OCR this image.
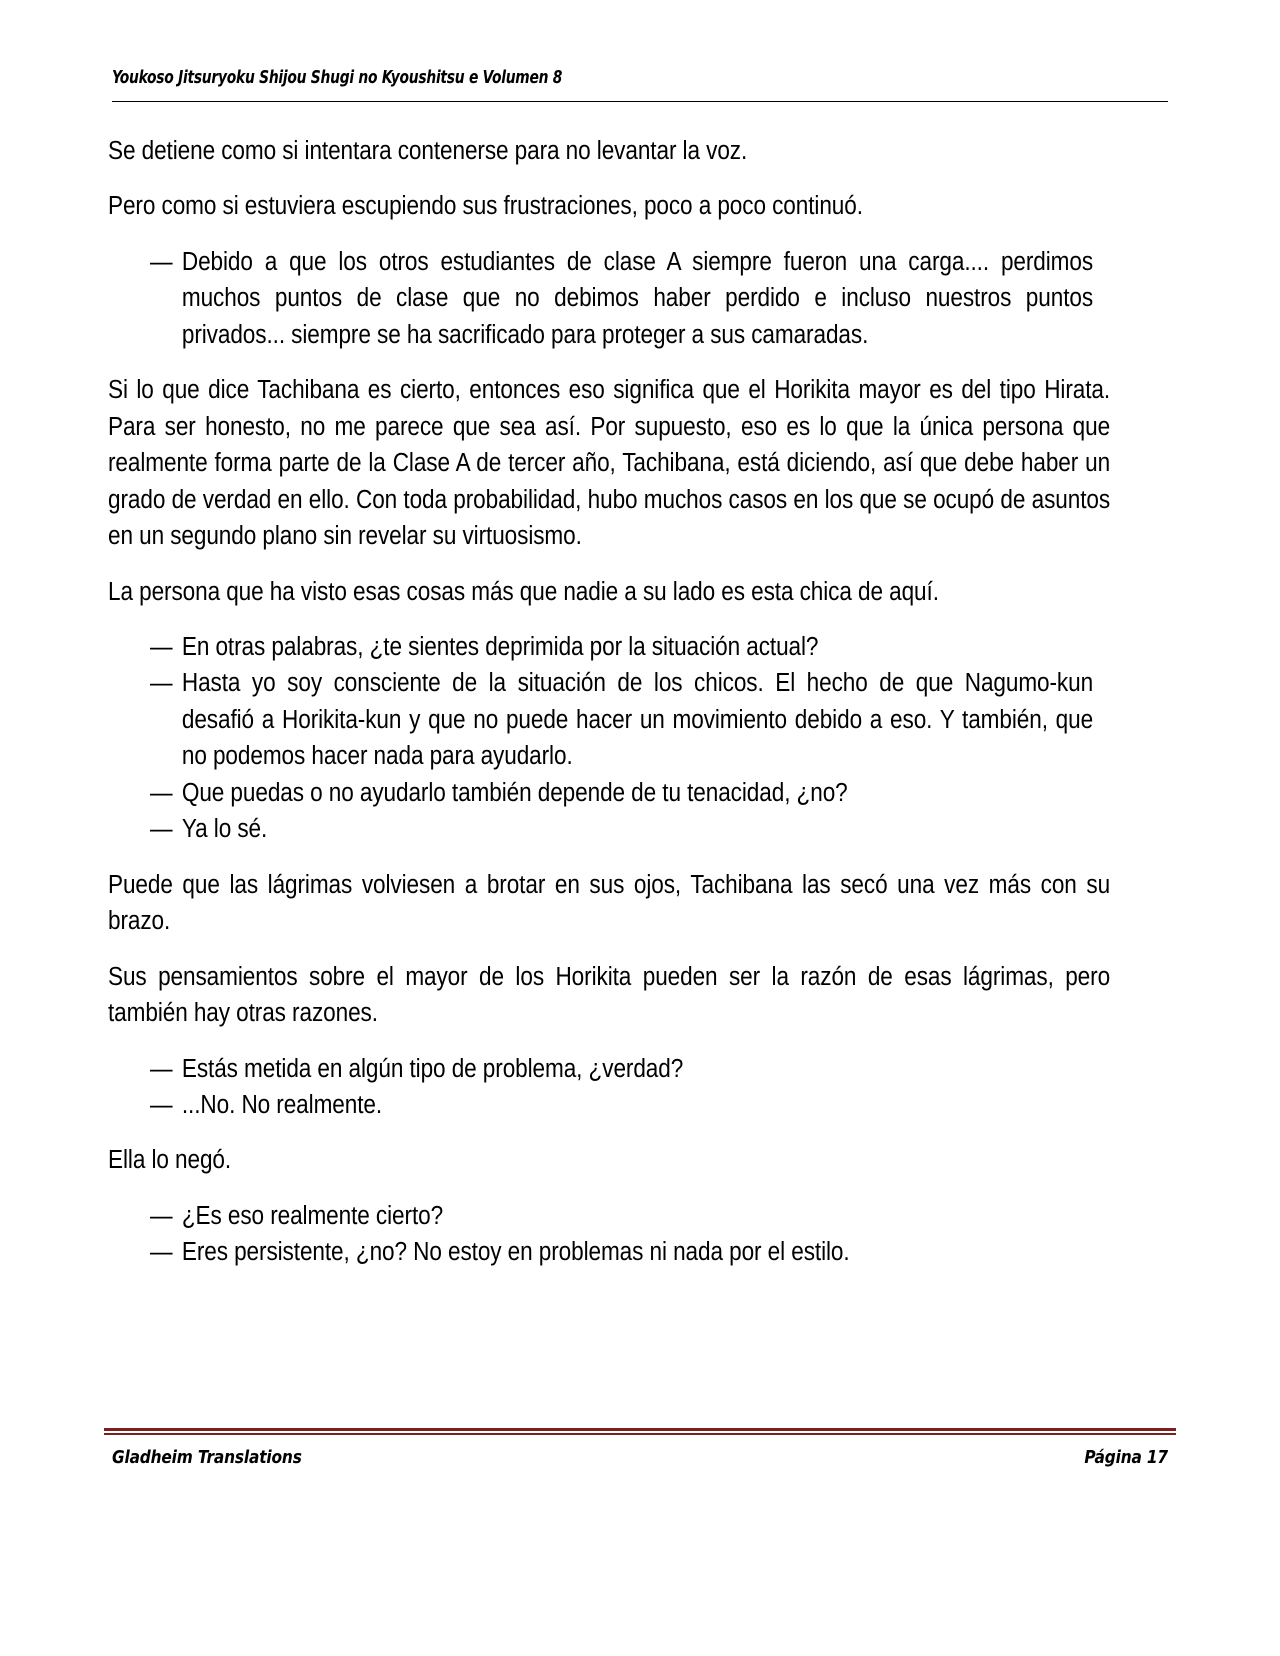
Youkoso Jitsuryoku Shijou Shugi no Kyoushitsu e Volumen 8

Se detiene como si intentara contenerse para no levantar la voz.

Pero como si estuviera escupiendo sus frustraciones, poco a poco continuó.

— Debido a que los otros estudiantes de clase A siempre fueron una carga.... perdimos muchos puntos de clase que no debimos haber perdido e incluso nuestros puntos privados... siempre se ha sacrificado para proteger a sus camaradas.

Si lo que dice Tachibana es cierto, entonces eso significa que el Horikita mayor es del tipo Hirata. Para ser honesto, no me parece que sea así. Por supuesto, eso es lo que la única persona que realmente forma parte de la Clase A de tercer año, Tachibana, está diciendo, así que debe haber un grado de verdad en ello. Con toda probabilidad, hubo muchos casos en los que se ocupó de asuntos en un segundo plano sin revelar su virtuosismo.

La persona que ha visto esas cosas más que nadie a su lado es esta chica de aquí.

— En otras palabras, ¿te sientes deprimida por la situación actual?

— Hasta yo soy consciente de la situación de los chicos. El hecho de que Nagumo-kun desafió a Horikita-kun y que no puede hacer un movimiento debido a eso. Y también, que no podemos hacer nada para ayudarlo.

— Que puedas o no ayudarlo también depende de tu tenacidad, ¿no?

— Ya lo sé.

Puede que las lágrimas volviesen a brotar en sus ojos, Tachibana las secó una vez más con su brazo.

Sus pensamientos sobre el mayor de los Horikita pueden ser la razón de esas lágrimas, pero también hay otras razones.

— Estás metida en algún tipo de problema, ¿verdad?

— ...No. No realmente.

Ella lo negó.

— ¿Es eso realmente cierto?

— Eres persistente, ¿no? No estoy en problemas ni nada por el estilo.

Gladheim Translations	Página 17
